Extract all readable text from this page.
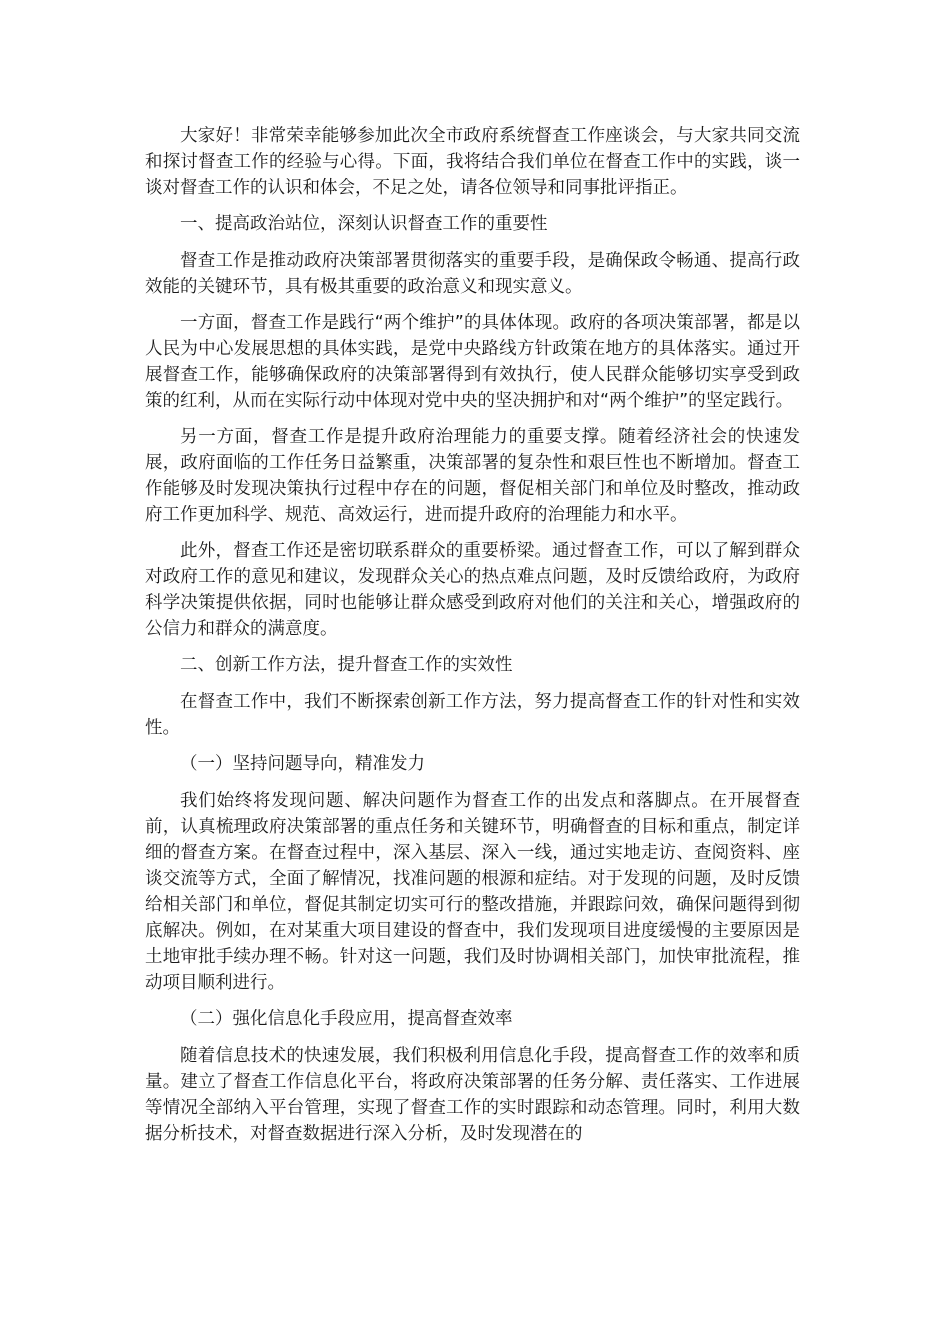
大家好！非常荣幸能够参加此次全市政府系统督查工作座谈会，与大家共同交流和探讨督查工作的经验与心得。下面，我将结合我们单位在督查工作中的实践，谈一谈对督查工作的认识和体会，不足之处，请各位领导和同事批评指正。

一、提高政治站位，深刻认识督查工作的重要性

督查工作是推动政府决策部署贯彻落实的重要手段，是确保政令畅通、提高行政效能的关键环节，具有极其重要的政治意义和现实意义。

一方面，督查工作是践行“两个维护”的具体体现。政府的各项决策部署，都是以人民为中心发展思想的具体实践，是党中央路线方针政策在地方的具体落实。通过开展督查工作，能够确保政府的决策部署得到有效执行，使人民群众能够切实享受到政策的红利，从而在实际行动中体现对党中央的坚决拥护和对“两个维护”的坚定践行。

另一方面，督查工作是提升政府治理能力的重要支撑。随着经济社会的快速发展，政府面临的工作任务日益繁重，决策部署的复杂性和艰巨性也不断增加。督查工作能够及时发现决策执行过程中存在的问题，督促相关部门和单位及时整改，推动政府工作更加科学、规范、高效运行，进而提升政府的治理能力和水平。

此外，督查工作还是密切联系群众的重要桥梁。通过督查工作，可以了解到群众对政府工作的意见和建议，发现群众关心的热点难点问题，及时反馈给政府，为政府科学决策提供依据，同时也能够让群众感受到政府对他们的关注和关心，增强政府的公信力和群众的满意度。

二、创新工作方法，提升督查工作的实效性

在督查工作中，我们不断探索创新工作方法，努力提高督查工作的针对性和实效性。

（一）坚持问题导向，精准发力

我们始终将发现问题、解决问题作为督查工作的出发点和落脚点。在开展督查前，认真梳理政府决策部署的重点任务和关键环节，明确督查的目标和重点，制定详细的督查方案。在督查过程中，深入基层、深入一线，通过实地走访、查阅资料、座谈交流等方式，全面了解情况，找准问题的根源和症结。对于发现的问题，及时反馈给相关部门和单位，督促其制定切实可行的整改措施，并跟踪问效，确保问题得到彻底解决。例如，在对某重大项目建设的督查中，我们发现项目进度缓慢的主要原因是土地审批手续办理不畅。针对这一问题，我们及时协调相关部门，加快审批流程，推动项目顺利进行。

（二）强化信息化手段应用，提高督查效率

随着信息技术的快速发展，我们积极利用信息化手段，提高督查工作的效率和质量。建立了督查工作信息化平台，将政府决策部署的任务分解、责任落实、工作进展等情况全部纳入平台管理，实现了督查工作的实时跟踪和动态管理。同时，利用大数据分析技术，对督查数据进行深入分析，及时发现潜在的
